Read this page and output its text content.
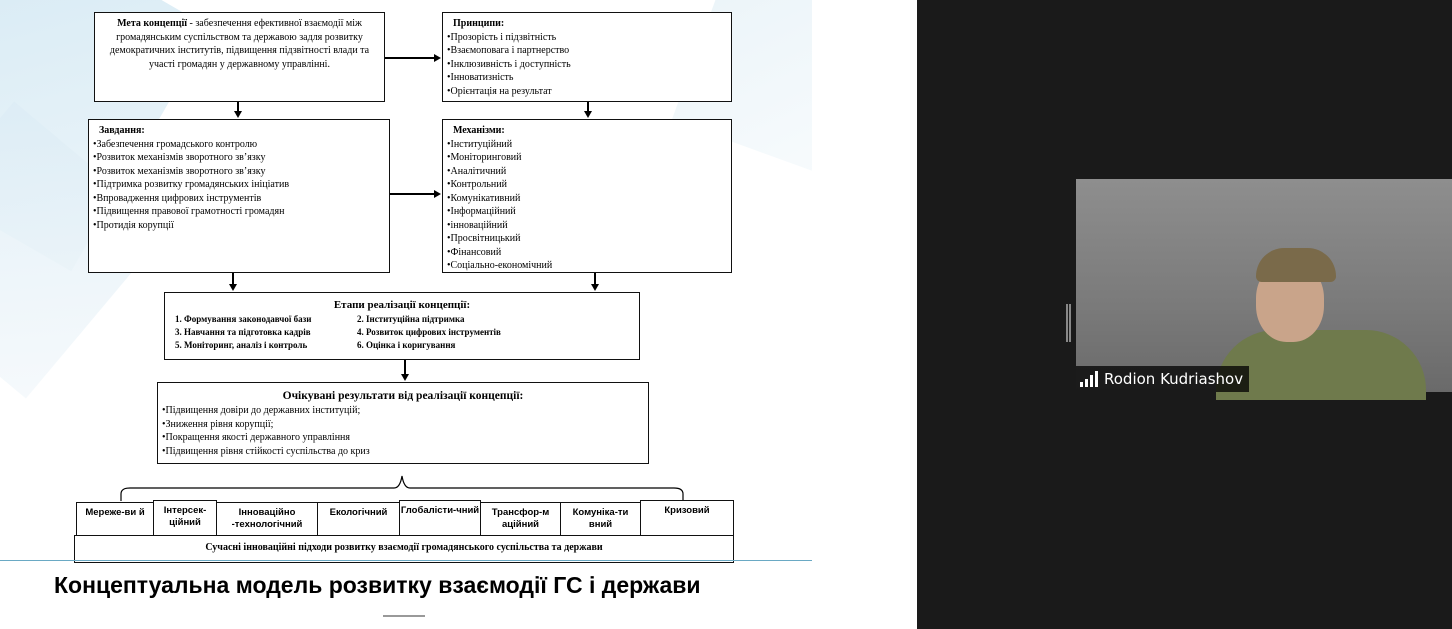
Мета концепції - забезпечення ефективної взаємодії між громадянським суспільством та державою задля розвитку демократичних інститутів, підвищення підзвітності влади та участі громадян у державному управлінні.
Принципи:
•Прозорість і підзвітність
•Взаємоповага і партнерство
•Інклюзивність і доступність
•Інноватизність
•Орієнтація на результат
Завдання:
•Забезпечення громадського контролю
•Розвиток механізмів зворотного зв’язку
•Розвиток механізмів зворотного зв’язку
•Підтримка розвитку громадянських ініціатив
•Впровадження цифрових інструментів
•Підвищення правової грамотності громадян
•Протидія корупції
Механізми:
•Інституційний
•Моніторинговий
•Аналітичний
•Контрольний
•Комунікативний
•Інформаційний
•інноваційний
•Просвітницький
•Фінансовий
•Соціально-економічний
Етапи реалізації концепції:
1. Формування законодавчої бази	2. Інституційна підтримка
3. Навчання та підготовка кадрів	4. Розвиток цифрових інструментів
5. Моніторинг, аналіз і контроль	6. Оцінка і коригування
Очікувані результати від реалізації концепції:
•Підвищення довіри до державних інституцій;
•Зниження рівня корупції;
•Покращення якості державного управління
•Підвищення рівня стійкості суспільства до криз
Мереже-ви й	Інтерсек-ційний
Інноваційно -технологічний
Екологічний	Глобалісти-чний	Трансфор-м аційний
Комуніка-ти вний
Кризовий
Сучасні інноваційні підходи розвитку взаємодії громадянського суспільства та держави
Концептуальна модель розвитку взаємодії ГС і держави
Rodion Kudriashov
